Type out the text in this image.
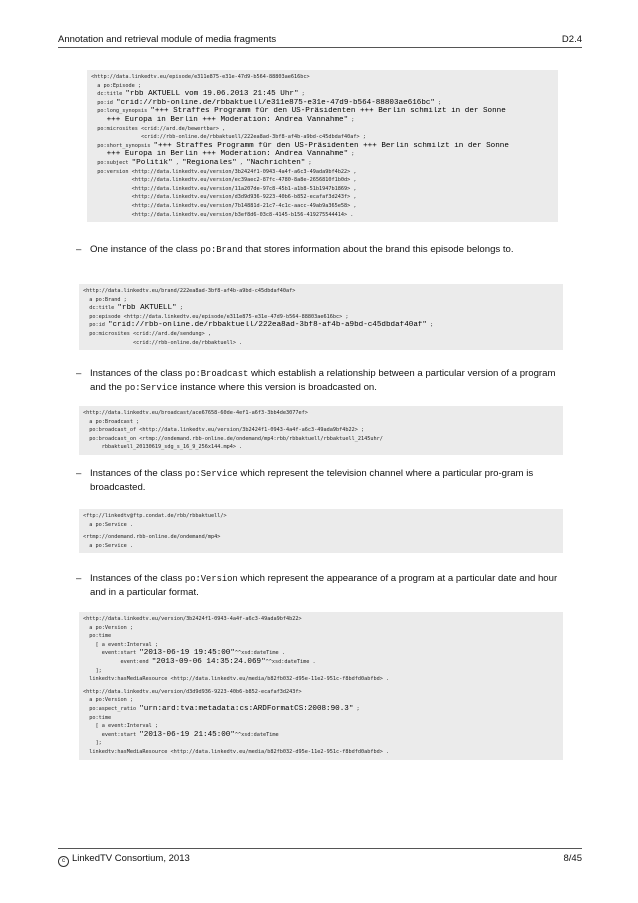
Annotation and retrieval module of media fragments	D2.4
<http://data.linkedtv.eu/episode/e311e875-e31e-47d9-b564-88803ae616bc>
a po:Episode ;
dc:title "rbb AKTUELL vom 19.06.2013 21:45 Uhr" ;
po:id "crid://rbb-online.de/rbbaktuell/e311e875-e31e-47d9-b564-88803ae616bc" ;
po:long_synopsis "+++ Straffes Programm für den US-Präsidenten +++ Berlin schmilzt in der Sonne
+++ Europa in Berlin +++ Moderation: Andrea Vannahme" ;
po:microsites <crid://ard.de/bewertbar> ,
<crid://rbb-online.de/rbbaktuell/222ea8ad-3bf8-af4b-a9bd-c45dbdaf40af> ;
po:short_synopsis "+++ Straffes Programm für den US-Präsidenten +++ Berlin schmilzt in der Sonne
+++ Europa in Berlin +++ Moderation: Andrea Vannahme" ;
po:subject "Politik" , "Regionales" , "Nachrichten" ;
po:version <http://data.linkedtv.eu/version/3b2424f1-0943-4a4f-a6c3-49ada9bf4b22> ,
<http://data.linkedtv.eu/version/ec39aec2-87fc-4780-8a8e-2656810f1b0d> ,
<http://data.linkedtv.eu/version/11a207de-97c8-45b1-a1b8-51b1947b1869> ,
<http://data.linkedtv.eu/version/d3d9d936-9223-40b6-b852-ecafaf3d243f> ,
<http://data.linkedtv.eu/version/7b14881d-21c7-4c1c-aacc-49ab9a365e58> ,
<http://data.linkedtv.eu/version/b3ef8d6-03c8-4145-b156-419275544414> .
– One instance of the class po:Brand that stores information about the brand this episode belongs to.
<http://data.linkedtv.eu/brand/222ea8ad-3bf8-af4b-a9bd-c45dbdaf40af>
a po:Brand ;
dc:title "rbb AKTUELL" ;
po:episode <http://data.linkedtv.eu/episode/e311e875-e31e-47d9-b564-88803ae616bc> ;
po:id "crid://rbb-online.de/rbbaktuell/222ea8ad-3bf8-af4b-a9bd-c45dbdaf40af" ;
po:microsites <crid://ard.de/sendung> ,
<crid://rbb-online.de/rbbaktuell> .
– Instances of the class po:Broadcast which establish a relationship between a particular version of a program and the po:Service instance where this version is broadcasted on.
<http://data.linkedtv.eu/broadcast/ace67658-60de-4ef1-a6f3-3bb4de3077ef>
a po:Broadcast ;
po:broadcast_of <http://data.linkedtv.eu/version/3b2424f1-0943-4a4f-a6c3-49ada9bf4b22> ;
po:broadcast_on <rtmp://ondemand.rbb-online.de/ondemand/mp4:rbb/rbbaktuell/rbbaktuell_2145uhr/
rbbaktuell_20130619_sdg_s_16_9_256x144.mp4> .
– Instances of the class po:Service which represent the television channel where a particular pro-gram is broadcasted.
<ftp://linkedtv@ftp.condat.de/rbb/rbbaktuell/>
a po:Service .
<rtmp://ondemand.rbb-online.de/ondemand/mp4>
a po:Service .
– Instances of the class po:Version which represent the appearance of a program at a particular date and hour and in a particular format.
<http://data.linkedtv.eu/version/3b2424f1-0943-4a4f-a6c3-49ada9bf4b22>
a po:Version ;
po:time
[ a event:Interval ;
event:start "2013-06-19 19:45:00"^^xsd:dateTime .
event:end "2013-09-06 14:35:24.069"^^xsd:dateTime .
];
linkedtv:hasMediaResource <http://data.linkedtv.eu/media/b82fb032-d95e-11e2-951c-f8bdfd0abfbd> .
<http://data.linkedtv.eu/version/d3d9d936-9223-40b6-b852-ecafaf3d243f>
a po:Version ;
po:aspect_ratio "urn:ard:tva:metadata:cs:ARDFormatCS:2008:90.3" ;
po:time
[ a event:Interval ;
event:start "2013-06-19 21:45:00"^^xsd:dateTime
];
linkedtv:hasMediaResource <http://data.linkedtv.eu/media/b82fb032-d95e-11e2-951c-f8bdfd0abfbd> .
c LinkedTV Consortium, 2013	8/45
